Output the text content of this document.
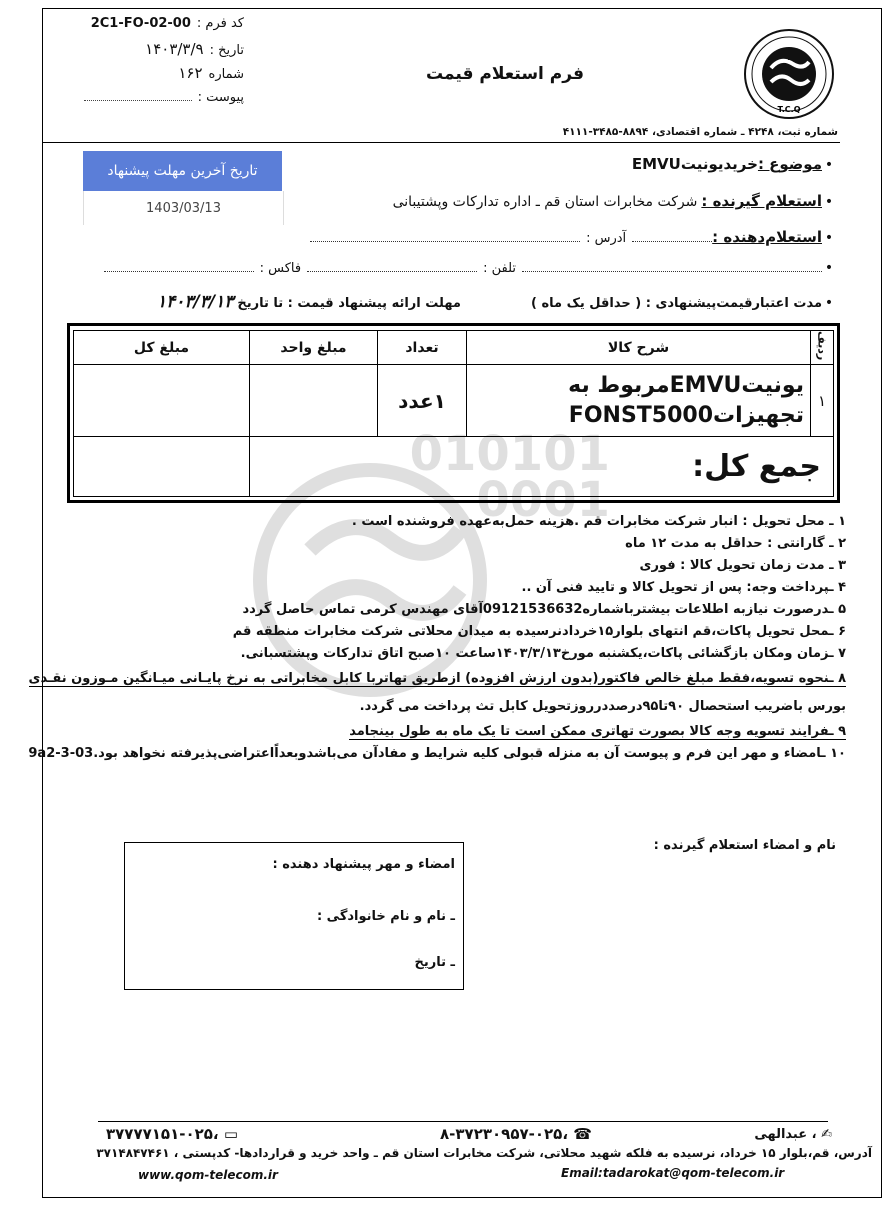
T.C.Q
فرم استعلام قیمت
کد فرم :
2C1-FO-02-00
تاریخ :
۱۴۰۳/۳/۹
شماره
۱۶۲
پیوست :
شماره ثبت، ۴۲۴۸ ـ شماره اقتصادی، ۸۸۹۴-۳۴۸۵-۴۱۱۱
تاریخ آخرین مهلت پیشنهاد
1403/03/13
•
موضوع :
خریدیونیتEMVU
•
استعلام گیرنده :
شرکت مخابرات استان قم ـ اداره تدارکات وپشتیبانی
•
استعلام‌دهنده :
آدرس :
•
تلفن :
فاکس :
•
مدت اعتبارقیمت‌پیشنهادی : ( حداقل یک ماه )
مهلت ارائه پیشنهاد قیمت : تا تاریخ
۱۴۰۳/۳/۱۳
010101
0001
ردیف	شرح کالا	تعداد	مبلغ واحد	مبلغ کل
۱	یونیتEMVUمربوط به تجهیزاتFONST5000	۱عدد		
جمع کل:				
۱ ـ محل تحویل : انبار شرکت مخابرات قم .هزینه حمل‌به‌عهده فروشنده است .
۲ ـ گارانتی : حداقل به مدت ۱۲ ماه
۳ ـ مدت زمان تحویل کالا : فوری
۴ ـپرداخت وجه: پس از تحویل کالا و تایید فنی آن ..
۵ ـدرصورت نیازبه اطلاعات بیشترباشماره09121536632آقای مهندس کرمی تماس حاصل گردد
۶ ـمحل تحویل پاکات،قم انتهای بلوار۱۵خردادنرسیده به میدان محلاتی شرکت مخابرات منطقه قم
۷ ـزمان ومکان بازگشائی پاکات،یکشنبه مورخ۱۴۰۳/۳/۱۳ساعت ۱۰صبح اتاق تدارکات وپشتسبانی.
۸ ـنحوه تسویه،فقط مبلغ خالص فاکتور(بدون ارزش افزوده) ازطریق تهاتربا کابل مخابراتی به نرخ پایـانی میـانگین مـوزون نقـدی
بورس باضریب استحصال ۹۰تا۹۵درصددرروزتحویل کابل تث پرداخت می گردد.
۹ ـفرایند تسویه وجه کالا بصورت تهاتری ممکن است تا یک ماه به طول بینجامد
۱۰ ـامضاء و مهر این فرم و پیوست آن به منزله قبولی کلیه شرایط و مفادآن می‌باشدوبعداًاعتراضی‌پذیرفته نخواهد بود.03-3-9a2
نام و امضاء استعلام گیرنده :
امضاء و مهر پیشنهاد دهنده :
ـ نام و نام خانوادگی :
ـ تاریخ
✍ ، عبدالهی
۸-۳۷۲۳۰۹۵۷-۰۲۵، ☎
۳۷۷۷۷۱۵۱-۰۲۵، ▭
آدرس، قم،بلوار ۱۵ خرداد، نرسیده به فلکه شهید محلاتی، شرکت مخابرات استان قم ـ واحد خرید و قراردادها- کدپستی ، ۳۷۱۴۸۴۷۴۶۱
Email:tadarokat@qom-telecom.ir
www.qom-telecom.ir
